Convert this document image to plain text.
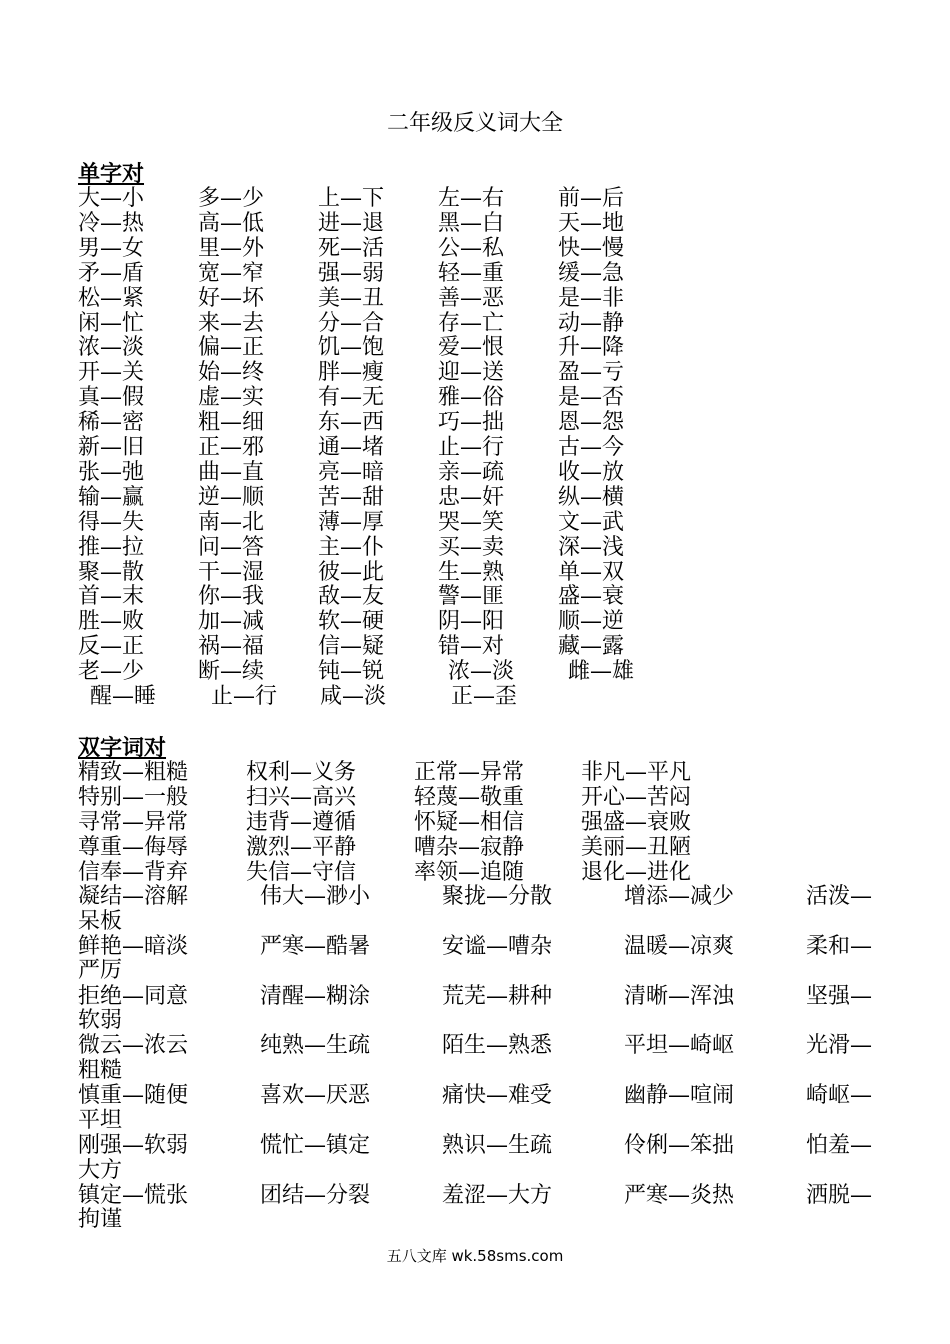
二年级反义词大全
单字对
大—小 多—少 上—下 左—右 前—后
冷—热 高—低 进—退 黑—白 天—地
男—女 里—外 死—活 公—私 快—慢
矛—盾 宽—窄 强—弱 轻—重 缓—急
松—紧 好—坏 美—丑 善—恶 是—非
闲—忙 来—去 分—合 存—亡 动—静
浓—淡 偏—正 饥—饱 爱—恨 升—降
开—关 始—终 胖—瘦 迎—送 盈—亏
真—假 虚—实 有—无 雅—俗 是—否
稀—密 粗—细 东—西 巧—拙 恩—怨
新—旧 正—邪 通—堵 止—行 古—今
张—弛 曲—直 亮—暗 亲—疏 收—放
输—赢 逆—顺 苦—甜 忠—奸 纵—横
得—失 南—北 薄—厚 哭—笑 文—武
推—拉 问—答 主—仆 买—卖 深—浅
聚—散 干—湿 彼—此 生—熟 单—双
首—末 你—我 敌—友 警—匪 盛—衰
胜—败 加—减 软—硬 阴—阳 顺—逆
反—正 祸—福 信—疑 错—对 藏—露
老—少 断—续 钝—锐	浓—淡 雌—雄
醒—睡 止—行 咸—淡	正—歪
双字词对
精致—粗糙	权利—义务	正常—异常	非凡—平凡
特别—一般	扫兴—高兴	轻蔑—敬重	开心—苦闷
寻常—异常	违背—遵循	怀疑—相信	强盛—衰败
尊重—侮辱	激烈—平静	嘈杂—寂静	美丽—丑陋
信奉—背弃	失信—守信	率领—追随	退化—进化
凝结—溶解	伟大—渺小	聚拢—分散	增添—减少	活泼—
呆板
鲜艳—暗淡	严寒—酷暑	安谧—嘈杂	温暖—凉爽	柔和—
严厉
拒绝—同意	清醒—糊涂	荒芜—耕种	清晰—浑浊	坚强—
软弱
微云—浓云	纯熟—生疏	陌生—熟悉	平坦—崎岖	光滑—
粗糙
慎重—随便	喜欢—厌恶	痛快—难受	幽静—喧闹	崎岖—
平坦
刚强—软弱	慌忙—镇定	熟识—生疏	伶俐—笨拙	怕羞—
大方
镇定—慌张	团结—分裂	羞涩—大方	严寒—炎热	洒脱—
拘谨
五八文库 wk.58sms.com
